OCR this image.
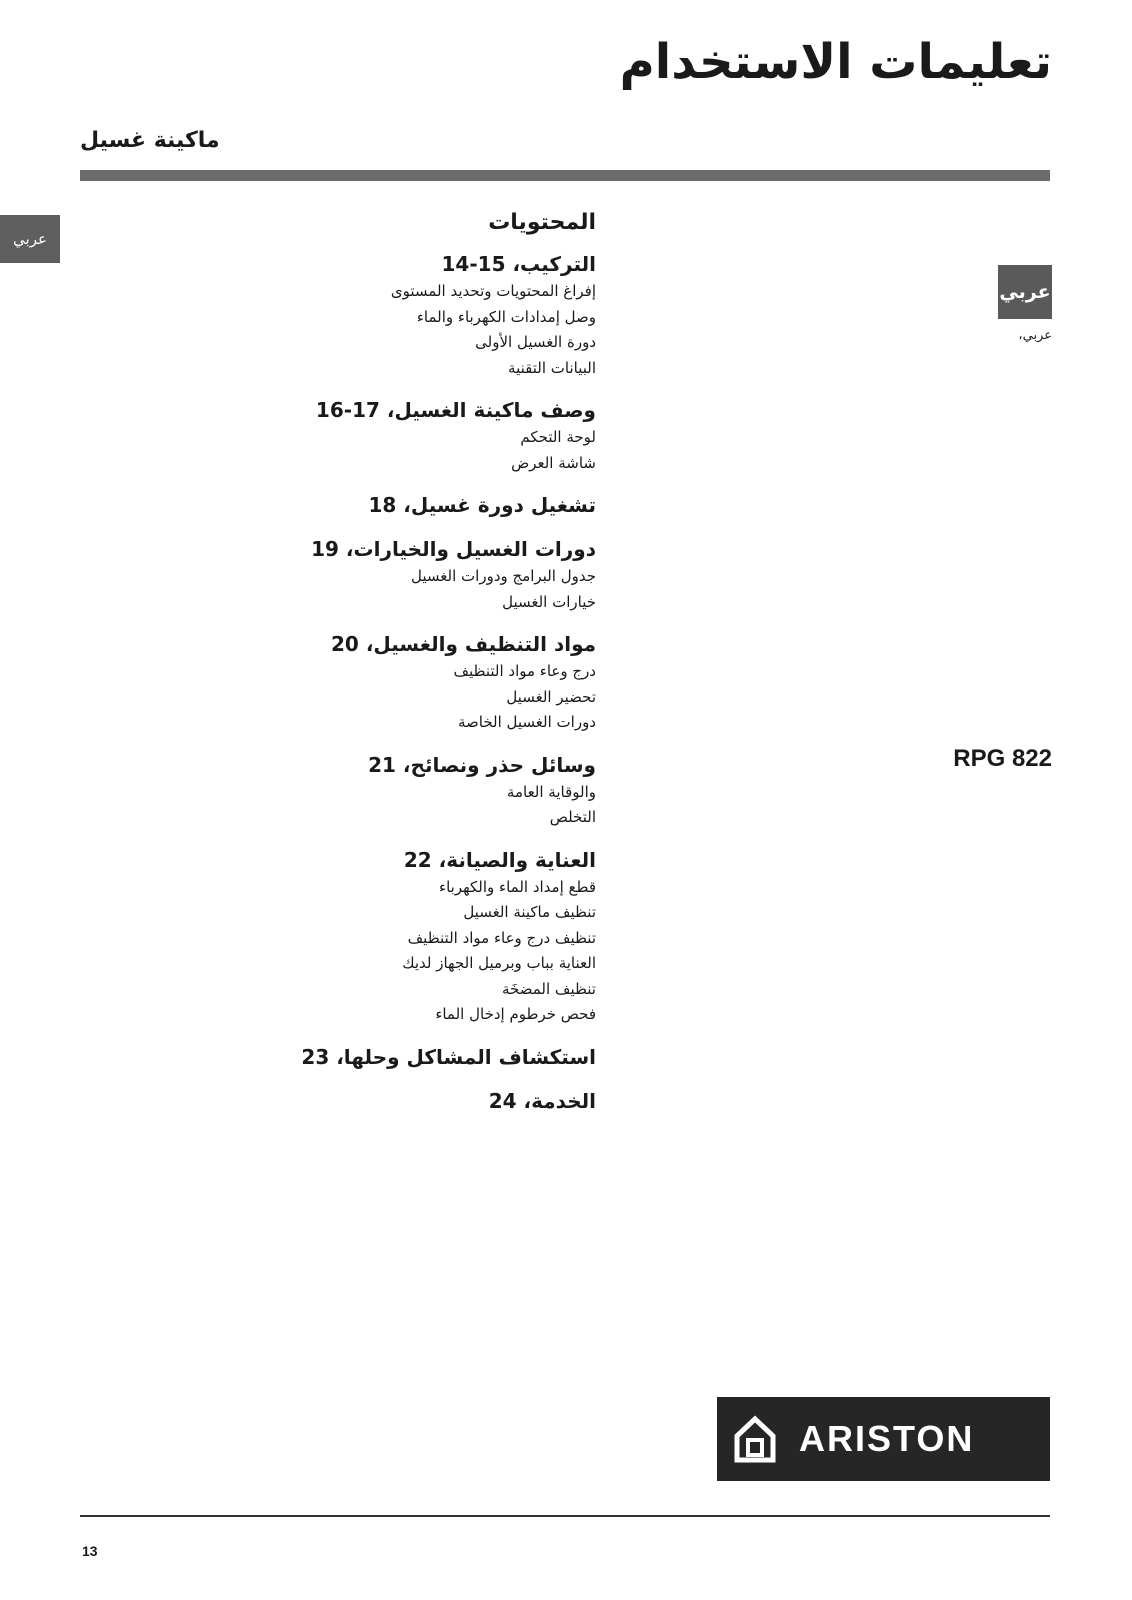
تعليمات الاستخدام
ماكينة غسيل
عربي
عربي
عربي،
RPG 822
المحتويات
التركيب، 15-14
إفراغ المحتويات وتحديد المستوى
وصل إمدادات الكهرباء والماء
دورة الغسيل الأولى
البيانات التقنية
وصف ماكينة الغسيل، 17-16
لوحة التحكم
شاشة العرض
تشغيل دورة غسيل، 18
دورات الغسيل والخيارات، 19
جدول البرامج ودورات الغسيل
خيارات الغسيل
مواد التنظيف والغسيل، 20
درج وعاء مواد التنظيف
تحضير الغسيل
دورات الغسيل الخاصة
وسائل حذر ونصائح، 21
والوقاية العامة
التخلص
العناية والصيانة، 22
قطع إمداد الماء والكهرباء
تنظيف ماكينة الغسيل
تنظيف درج وعاء مواد التنظيف
العناية بباب وبرميل الجهاز لديك
تنظيف المضخَة
فحص خرطوم إدخال الماء
استكشاف المشاكل وحلها، 23
الخدمة، 24
ARISTON
13
